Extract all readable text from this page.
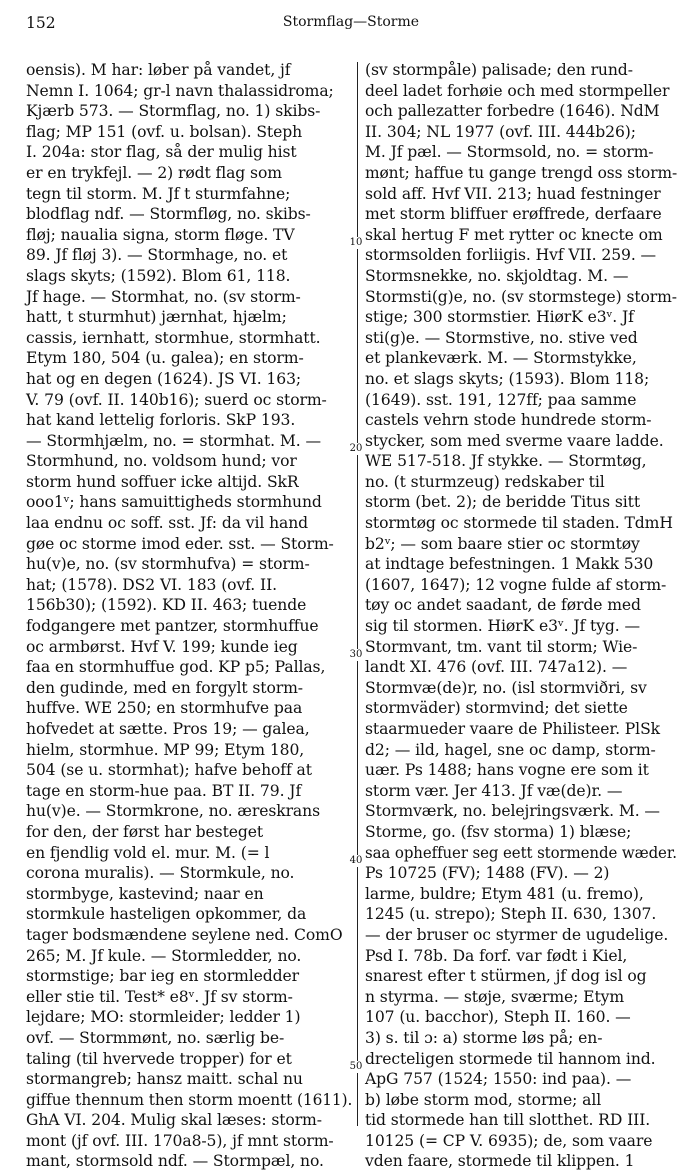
152	Stormflag—Storme
oensis). M har: løber på vandet, jf
Nemn I. 1064; gr-l navn thalassidroma;
Kjærb 573. — Stormflag, no. 1) skibs-
flag; MP 151 (ovf. u. bolsan). Steph
I. 204a: stor flag, så der mulig hist
er en trykfejl. — 2) rødt flag som
tegn til storm. M. Jf t sturmfahne;
blodflag ndf. — Stormfløg, no. skibs-
fløj; naualia signa, storm fløge. TV
89. Jf fløj 3). — Stormhage, no. et
slags skyts; (1592). Blom 61, 118.
Jf hage. — Stormhat, no. (sv storm-
hatt, t sturmhut) jærnhat, hjælm;
cassis, iernhatt, stormhue, stormhatt.
Etym 180, 504 (u. galea); en storm-
hat og en degen (1624). JS VI. 163;
V. 79 (ovf. II. 140b16); suerd oc storm-
hat kand lettelig forloris. SkP 193.
— Stormhjælm, no. = stormhat. M. —
Stormhund, no. voldsom hund; vor
storm hund soffuer icke altijd. SkR
ooo1ᵛ; hans samuittigheds stormhund
laa endnu oc soff. sst. Jf: da vil hand
gøe oc storme imod eder. sst. — Storm-
hu(v)e, no. (sv stormhufva) = storm-
hat; (1578). DS2 VI. 183 (ovf. II.
156b30); (1592). KD II. 463; tuende
fodgangere met pantzer, stormhuffue
oc armbørst. Hvf V. 199; kunde ieg
faa en stormhuffue god. KP p5; Pallas,
den gudinde, med en forgylt storm-
huffve. WE 250; en stormhufve paa
hofvedet at sætte. Pros 19; — galea,
hielm, stormhue. MP 99; Etym 180,
504 (se u. stormhat); hafve behoff at
tage en storm-hue paa. BT II. 79. Jf
hu(v)e. — Stormkrone, no. æreskrans
for den, der først har besteget
en fjendlig vold el. mur. M. (= l
corona muralis). — Stormkule, no.
stormbyge, kastevind; naar en
stormkule hasteligen opkommer, da
tager bodsmændene seylene ned. ComO
265; M. Jf kule. — Stormledder, no.
stormstige; bar ieg en stormledder
eller stie til. Test* e8ᵛ. Jf sv storm-
lejdare; MO: stormleider; ledder 1)
ovf. — Stormmønt, no. særlig be-
taling (til hvervede tropper) for et
stormangreb; hansz maitt. schal nu
giffue thennum then storm moentt (1611).
GhA VI. 204. Mulig skal læses: storm-
mont (jf ovf. III. 170a8-5), jf mnt storm-
mant, stormsold ndf. — Stormpæl, no.
(sv stormpåle) palisade; den rund-
deel ladet forhøie och med stormpeller
och pallezatter forbedre (1646). NdM
II. 304; NL 1977 (ovf. III. 444b26);
M. Jf pæl. — Stormsold, no. = storm-
mønt; haffue tu gange trengd oss storm-
sold aff. Hvf VII. 213; huad festninger
met storm bliffuer erøffrede, derfaare
skal hertug F met rytter oc knecte om
stormsolden forliigis. Hvf VII. 259. —
Stormsnekke, no. skjoldtag. M. —
Stormsti(g)e, no. (sv stormstege) storm-
stige; 300 stormstier. HiørK e3ᵛ. Jf
sti(g)e. — Stormstive, no. stive ved
et plankeværk. M. — Stormstykke,
no. et slags skyts; (1593). Blom 118;
(1649). sst. 191, 127ff; paa samme
castels vehrn stode hundrede storm-
stycker, som med sverme vaare ladde.
WE 517-518. Jf stykke. — Stormtøg,
no. (t sturmzeug) redskaber til
storm (bet. 2); de beridde Titus sitt
stormtøg oc stormede til staden. TdmH
b2ᵛ; — som baare stier oc stormtøy
at indtage befestningen. 1 Makk 530
(1607, 1647); 12 vogne fulde af storm-
tøy oc andet saadant, de førde med
sig til stormen. HiørK e3ᵛ. Jf tyg. —
Stormvant, tm. vant til storm; Wie-
landt XI. 476 (ovf. III. 747a12). —
Stormvæ(de)r, no. (isl stormviðri, sv
stormväder) stormvind; det siette
staarmueder vaare de Philisteer. PlSk
d2; — ild, hagel, sne oc damp, storm-
uær. Ps 1488; hans vogne ere som it
storm vær. Jer 413. Jf væ(de)r. —
Stormværk, no. belejringsværk. M. —
Storme, go. (fsv storma) 1) blæse;
saa opheffuer seg eett stormende wæder.
Ps 10725 (FV); 1488 (FV). — 2)
larme, buldre; Etym 481 (u. fremo),
1245 (u. strepo); Steph II. 630, 1307.
— der bruser oc styrmer de ugudelige.
Psd I. 78b. Da forf. var født i Kiel,
snarest efter t stürmen, jf dog isl og
n styrma. — støje, sværme; Etym
107 (u. bacchor), Steph II. 160. —
3) s. til ɔ: a) storme løs på; en-
drecteligen stormede til hannom ind.
ApG 757 (1524; 1550: ind paa). —
b) løbe storm mod, storme; all
tid stormede han till slotthet. RD III.
10125 (= CP V. 6935); de, som vaare
vden faare, stormede til klippen. 1
10
20
30
40
50
